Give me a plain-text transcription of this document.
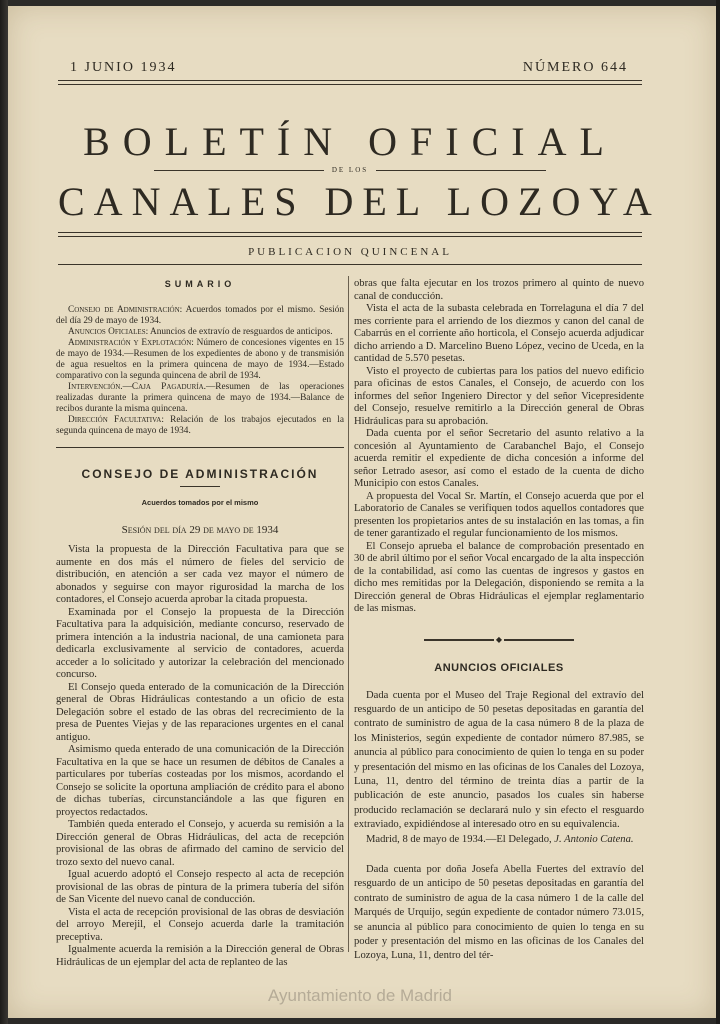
1 JUNIO 1934	NÚMERO 644
BOLETÍN OFICIAL
DE LOS
CANALES DEL LOZOYA
PUBLICACION QUINCENAL
SUMARIO

Consejo de Administración: Acuerdos tomados por el mismo. Sesión del día 29 de mayo de 1934.

Anuncios Oficiales: Anuncios de extravío de resguardos de anticipos.

Administración y Explotación: Número de concesiones vigentes en 15 de mayo de 1934.—Resumen de los expedientes de abono y de transmisión de agua resueltos en la primera quincena de mayo de 1934.—Estado comparativo con la segunda quincena de abril de 1934.

Intervención.—Caja Pagaduría.—Resumen de las operaciones realizadas durante la primera quincena de mayo de 1934.—Balance de recibos durante la misma quincena.

Dirección Facultativa: Relación de los trabajos ejecutados en la segunda quincena de mayo de 1934.

CONSEJO DE ADMINISTRACIÓN
Acuerdos tomados por el mismo
Sesión del día 29 de mayo de 1934

Vista la propuesta de la Dirección Facultativa para que se aumente en dos más el número de fieles del servicio de distribución, en atención a ser cada vez mayor el número de abonados y seguirse con mayor rigurosidad la marcha de los contadores, el Consejo acuerda aprobar la citada propuesta.

Examinada por el Consejo la propuesta de la Dirección Facultativa para la adquisición, mediante concurso, reservado de primera intención a la industria nacional, de una camioneta para dedicarla exclusivamente al servicio de contadores, acuerda acceder a lo solicitado y autorizar la celebración del mencionado concurso.

El Consejo queda enterado de la comunicación de la Dirección general de Obras Hidráulicas contestando a un oficio de esta Delegación sobre el estado de las obras del recrecimiento de la presa de Puentes Viejas y de las reparaciones urgentes en el canal antiguo.

Asimismo queda enterado de una comunicación de la Dirección Facultativa en la que se hace un resumen de débitos de Canales a particulares por tuberías costeadas por los mismos, acordando el Consejo se solicite la oportuna ampliación de crédito para el abono de dichas tuberías, circunstanciándole a las que figuren en proyectos redactados.

También queda enterado el Consejo, y acuerda su remisión a la Dirección general de Obras Hidráulicas, del acta de recepción provisional de las obras de afirmado del camino de servicio del trozo sexto del nuevo canal.

Igual acuerdo adoptó el Consejo respecto al acta de recepción provisional de las obras de pintura de la primera tubería del sifón de San Vicente del nuevo canal de conducción.

Vista el acta de recepción provisional de las obras de desviación del arroyo Merejil, el Consejo acuerda darle la tramitación preceptiva.

Igualmente acuerda la remisión a la Dirección general de Obras Hidráulicas de un ejemplar del acta de replanteo de las

obras que falta ejecutar en los trozos primero al quinto de nuevo canal de conducción.

Vista el acta de la subasta celebrada en Torrelaguna el día 7 del mes corriente para el arriendo de los diezmos y canon del canal de Cabarrús en el corriente año horticola, el Consejo acuerda adjudicar dicho arriendo a D. Marcelino Bueno López, vecino de Uceda, en la cantidad de 5.570 pesetas.

Visto el proyecto de cubiertas para los patios del nuevo edificio para oficinas de estos Canales, el Consejo, de acuerdo con los informes del señor Ingeniero Director y del señor Vicepresidente del Consejo, resuelve remitirlo a la Dirección general de Obras Hidráulicas para su aprobación.

Dada cuenta por el señor Secretario del asunto relativo a la concesión al Ayuntamiento de Carabanchel Bajo, el Consejo acuerda remitir el expediente de dicha concesión a informe del señor Letrado asesor, así como el estado de la cuenta de dicho Municipio con estos Canales.

A propuesta del Vocal Sr. Martín, el Consejo acuerda que por el Laboratorio de Canales se verifiquen todos aquellos contadores que presenten los propietarios antes de su instalación en las tomas, a fin de tener garantizado el regular funcionamiento de los mismos.

El Consejo aprueba el balance de comprobación presentado en 30 de abril último por el señor Vocal encargado de la alta inspección de la contabilidad, así como las cuentas de ingresos y gastos en dicho mes remitidas por la Delegación, disponiendo se remita a la Dirección general de Obras Hidráulicas el ejemplar reglamentario de las mismas.

◆
ANUNCIOS OFICIALES

Dada cuenta por el Museo del Traje Regional del extravío del resguardo de un anticipo de 50 pesetas depositadas en garantía del contrato de suministro de agua de la casa número 8 de la plaza de los Ministerios, según expediente de contador número 87.985, se anuncia al público para conocimiento de quien lo tenga en su poder y presentación del mismo en las oficinas de los Canales del Lozoya, Luna, 11, dentro del término de treinta días a partir de la publicación de este anuncio, pasados los cuales sin haberse producido reclamación se declarará nulo y sin efecto el resguardo extraviado, expidiéndose al interesado otro en su equivalencia.

Madrid, 8 de mayo de 1934.—El Delegado, J. Antonio Catena.

Dada cuenta por doña Josefa Abella Fuertes del extravío del resguardo de un anticipo de 50 pesetas depositadas en garantía del contrato de suministro de agua de la casa número 1 de la calle del Marqués de Urquijo, según expediente de contador número 73.015, se anuncia al público para conocimiento de quien lo tenga en su poder y presentación del mismo en las oficinas de los Canales del Lozoya, Luna, 11, dentro del tér-

Ayuntamiento de Madrid
